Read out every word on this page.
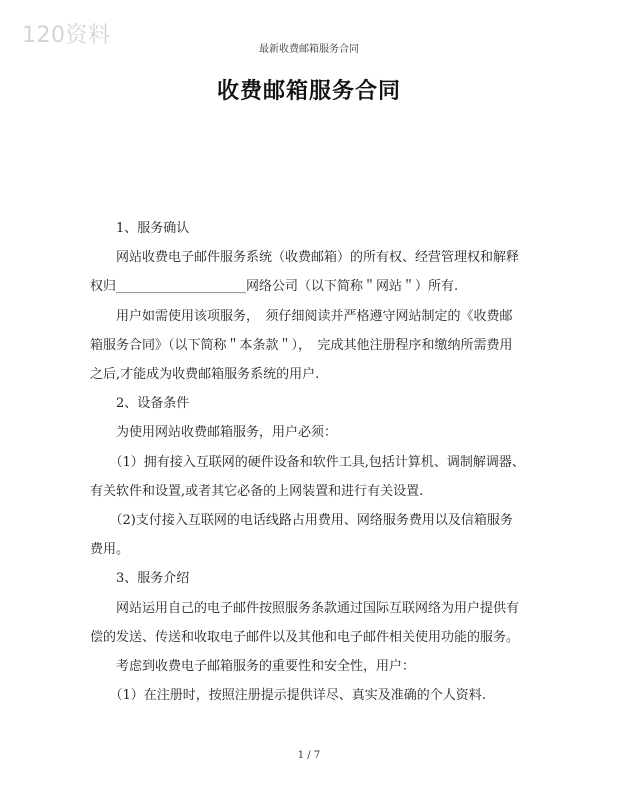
120资料
最新收费邮箱服务合同
收费邮箱服务合同

　　1、服务确认

　　网站收费电子邮件服务系统（收费邮箱）的所有权、经营管理权和解释

权归____________________网络公司（以下简称＂网站＂）所有.

　　用户如需使用该项服务，　须仔细阅读并严格遵守网站制定的《收费邮

箱服务合同》（以下简称＂本条款＂），　完成其他注册程序和缴纳所需费用

之后,才能成为收费邮箱服务系统的用户.

　　2、设备条件

　　为使用网站收费邮箱服务，用户必须：

　　（1）拥有接入互联网的硬件设备和软件工具,包括计算机、调制解调器、

有关软件和设置,或者其它必备的上网装置和进行有关设置.

　　（2)支付接入互联网的电话线路占用费用、网络服务费用以及信箱服务

费用。

　　3、服务介绍

　　网站运用自己的电子邮件按照服务条款通过国际互联网络为用户提供有

偿的发送、传送和收取电子邮件以及其他和电子邮件相关使用功能的服务。

　　考虑到收费电子邮箱服务的重要性和安全性，用户：

　　（1）在注册时，按照注册提示提供详尽、真实及准确的个人资料.

1 / 7
